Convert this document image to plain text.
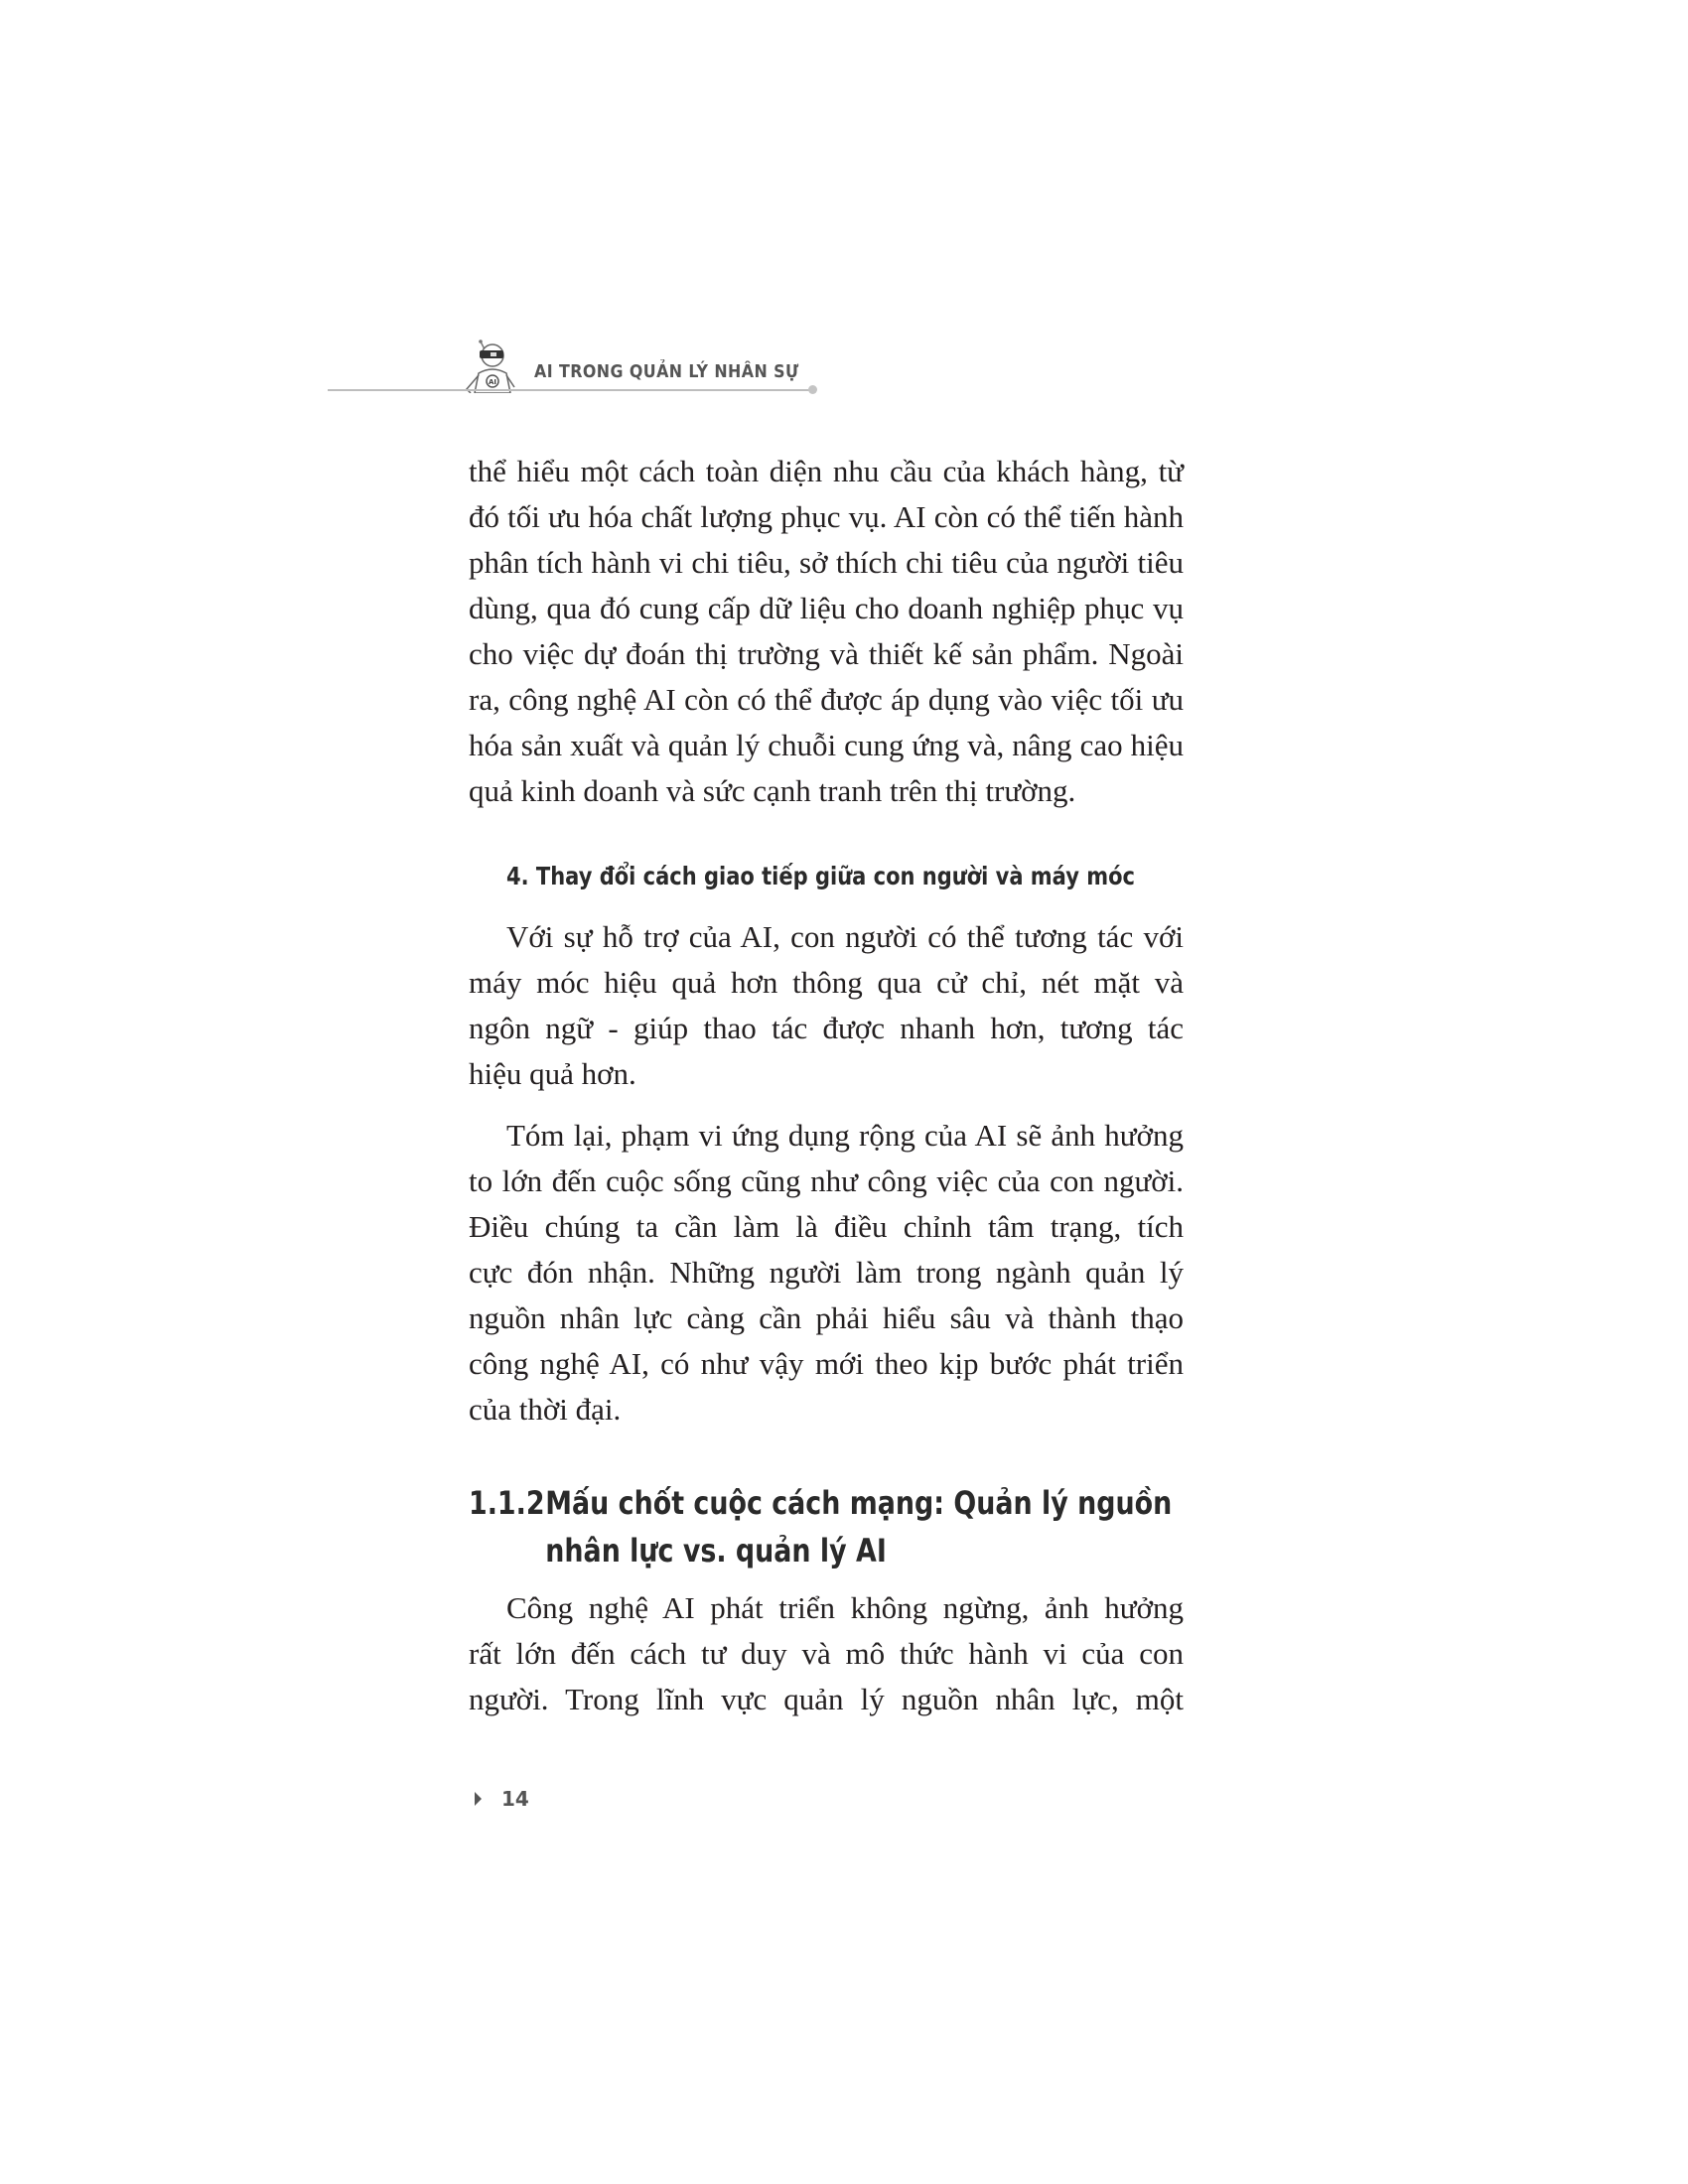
AI AI TRONG QUẢN LÝ NHÂN SỰ
thể hiểu một cách toàn diện nhu cầu của khách hàng, từ
đó tối ưu hóa chất lượng phục vụ. AI còn có thể tiến hành
phân tích hành vi chi tiêu, sở thích chi tiêu của người tiêu
dùng, qua đó cung cấp dữ liệu cho doanh nghiệp phục vụ
cho việc dự đoán thị trường và thiết kế sản phẩm. Ngoài
ra, công nghệ AI còn có thể được áp dụng vào việc tối ưu
hóa sản xuất và quản lý chuỗi cung ứng và, nâng cao hiệu
quả kinh doanh và sức cạnh tranh trên thị trường.
4. Thay đổi cách giao tiếp giữa con người và máy móc
Với sự hỗ trợ của AI, con người có thể tương tác với
máy móc hiệu quả hơn thông qua cử chỉ, nét mặt và
ngôn ngữ - giúp thao tác được nhanh hơn, tương tác
hiệu quả hơn.
Tóm lại, phạm vi ứng dụng rộng của AI sẽ ảnh hưởng
to lớn đến cuộc sống cũng như công việc của con người.
Điều chúng ta cần làm là điều chỉnh tâm trạng, tích
cực đón nhận. Những người làm trong ngành quản lý
nguồn nhân lực càng cần phải hiểu sâu và thành thạo
công nghệ AI, có như vậy mới theo kịp bước phát triển
của thời đại.
1.1.2Mấu chốt cuộc cách mạng: Quản lý nguồn
nhân lực vs. quản lý AI
Công nghệ AI phát triển không ngừng, ảnh hưởng
rất lớn đến cách tư duy và mô thức hành vi của con
người. Trong lĩnh vực quản lý nguồn nhân lực, một
14
